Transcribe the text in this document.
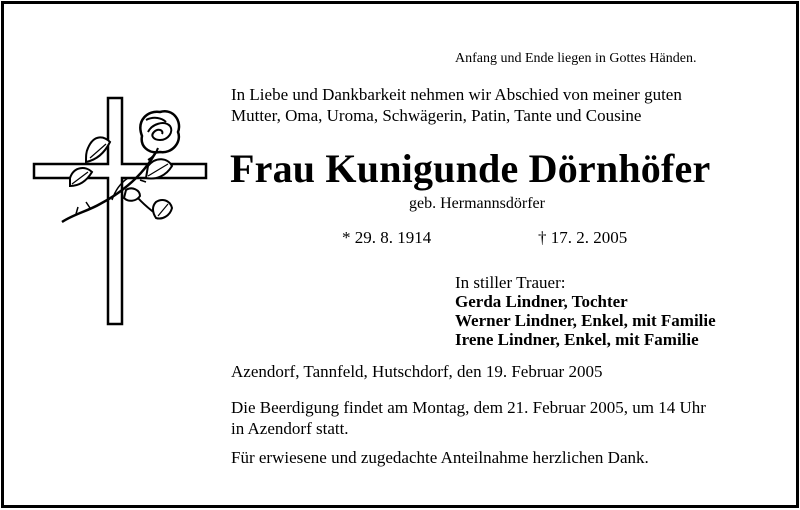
Anfang und Ende liegen in Gottes Händen.

In Liebe und Dankbarkeit nehmen wir Abschied von meiner guten
Mutter, Oma, Uroma, Schwägerin, Patin, Tante und Cousine
Frau Kunigunde Dörnhöfer

geb. Hermannsdörfer

* 29. 8. 1914	† 17. 2. 2005

In stiller Trauer:
Gerda Lindner, Tochter
Werner Lindner, Enkel, mit Familie
Irene Lindner, Enkel, mit Familie

Azendorf, Tannfeld, Hutschdorf, den 19. Februar 2005

Die Beerdigung findet am Montag, dem 21. Februar 2005, um 14 Uhr
in Azendorf statt.

Für erwiesene und zugedachte Anteilnahme herzlichen Dank.
